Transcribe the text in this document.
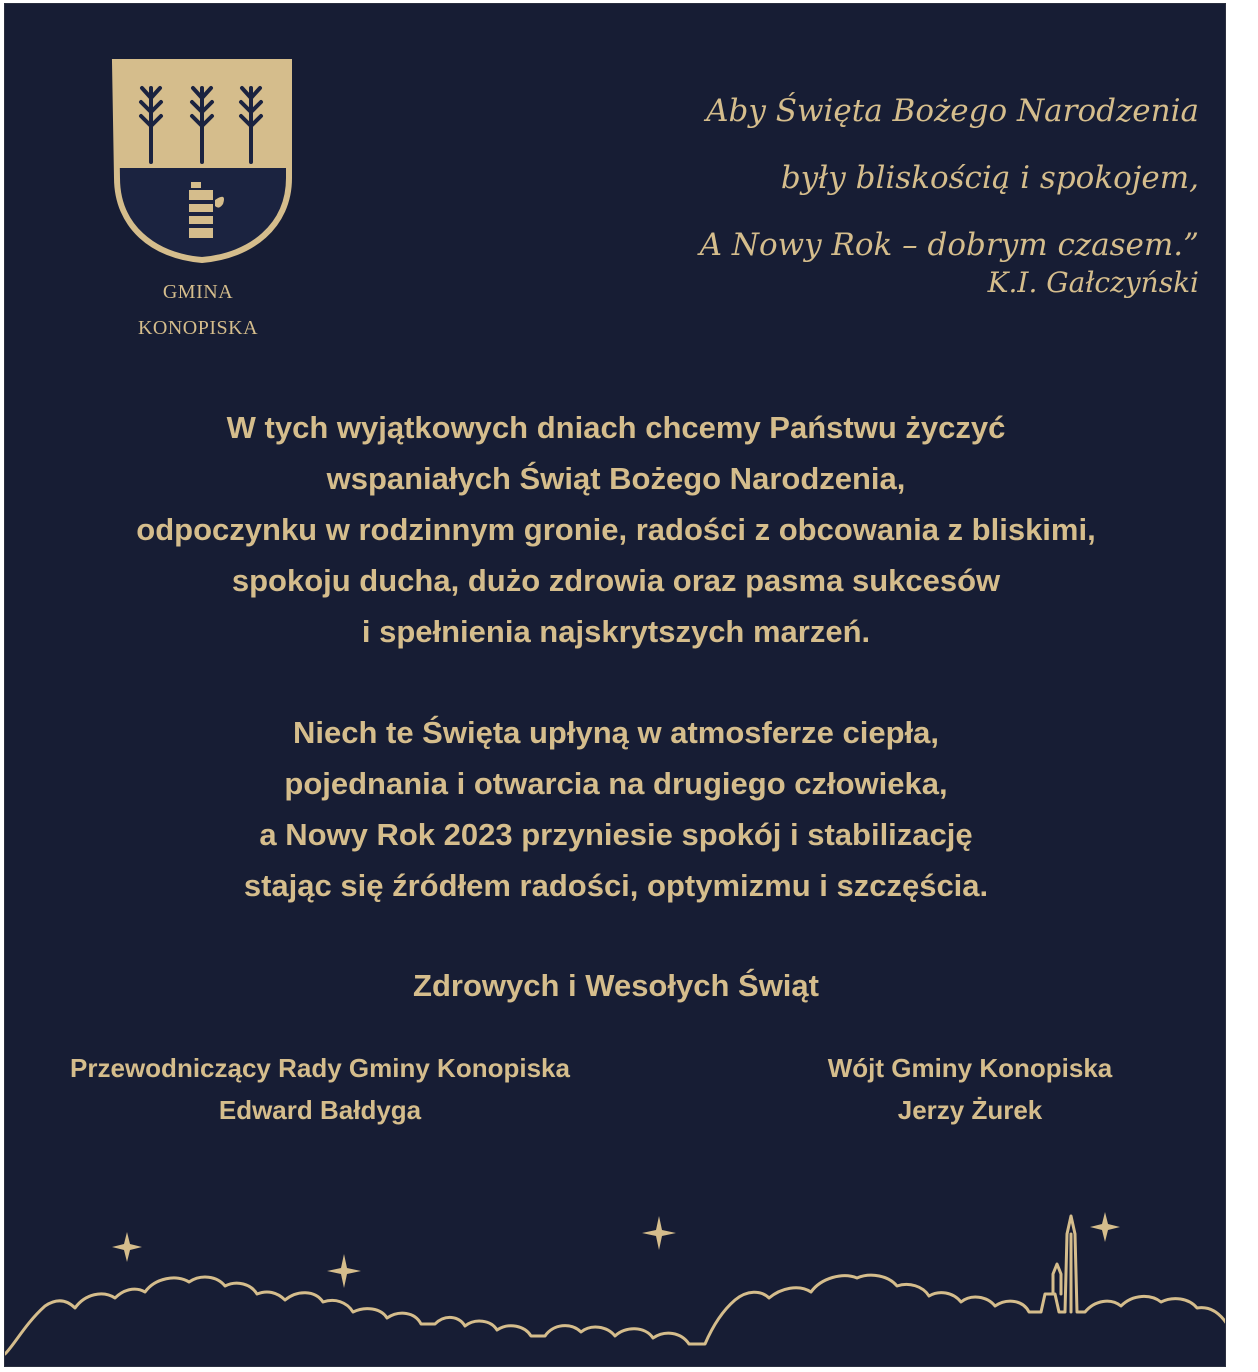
GMINA
KONOPISKA
Aby Święta Bożego Narodzenia
były bliskością i spokojem,
A Nowy Rok – dobrym czasem.”
K.I. Gałczyński
W tych wyjątkowych dniach chcemy Państwu życzyć
wspaniałych Świąt Bożego Narodzenia,
odpoczynku w rodzinnym gronie, radości z obcowania z bliskimi,
spokoju ducha, dużo zdrowia oraz pasma sukcesów
i spełnienia najskrytszych marzeń.
Niech te Święta upłyną w atmosferze ciepła,
pojednania i otwarcia na drugiego człowieka,
a Nowy Rok 2023 przyniesie spokój i stabilizację
stając się źródłem radości, optymizmu i szczęścia.
Zdrowych i Wesołych Świąt
Przewodniczący Rady Gminy Konopiska
Edward Bałdyga
Wójt Gminy Konopiska
Jerzy Żurek
